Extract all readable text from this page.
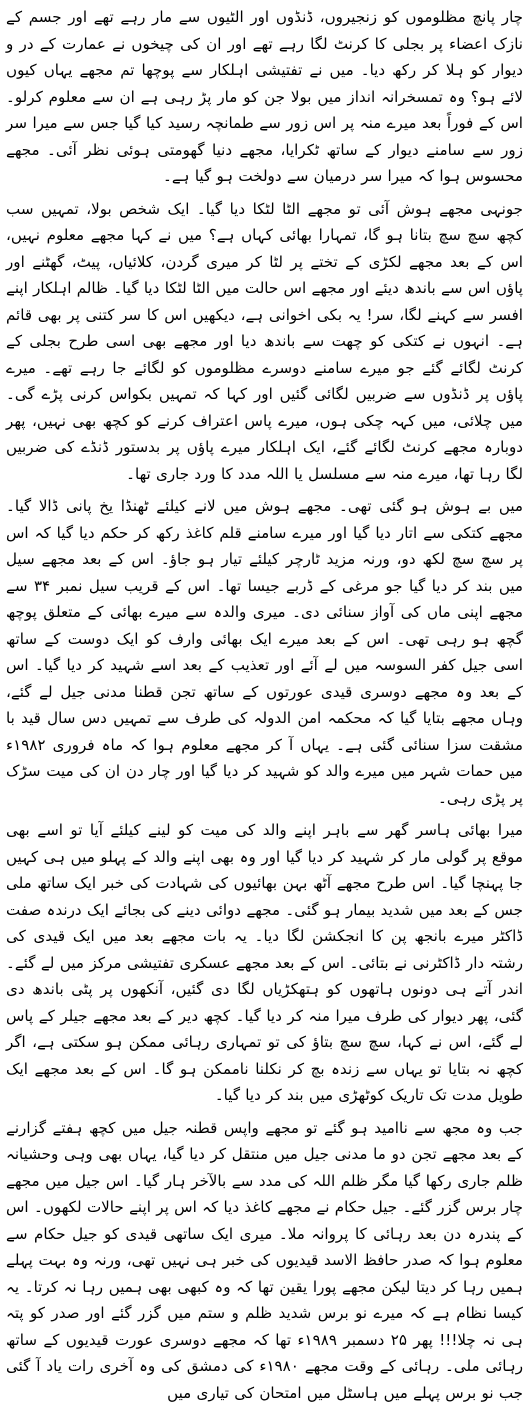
چار پانچ مظلوموں کو زنجیروں، ڈنڈوں اور الٹیوں سے مار رہے تھے اور جسم کے نازک اعضاء پر بجلی کا کرنٹ لگا رہے تھے اور ان کی چیخوں نے عمارت کے در و دیوار کو ہلا کر رکھ دیا۔ میں نے تفتیشی اہلکار سے پوچھا تم مجھے یہاں کیوں لائے ہو؟ وہ تمسخرانہ انداز میں بولا جن کو مار پڑ رہی ہے ان سے معلوم کرلو۔ اس کے فوراً بعد میرے منہ پر اس زور سے طمانچہ رسید کیا گیا جس سے میرا سر زور سے سامنے دیوار کے ساتھ ٹکرایا، مجھے دنیا گھومتی ہوئی نظر آئی۔ مجھے محسوس ہوا کہ میرا سر درمیان سے دولخت ہو گیا ہے۔

جونہی مجھے ہوش آئی تو مجھے الٹا لٹکا دیا گیا۔ ایک شخص بولا، تمہیں سب کچھ سچ سچ بتانا ہو گا، تمہارا بھائی کہاں ہے؟ میں نے کہا مجھے معلوم نہیں، اس کے بعد مجھے لکڑی کے تختے پر لٹا کر میری گردن، کلائیاں، پیٹ، گھٹنے اور پاؤں اس سے باندھ دیئے اور مجھے اس حالت میں الٹا لٹکا دیا گیا۔ ظالم اہلکار اپنے افسر سے کہنے لگا، سر! یہ بکی اخوانی ہے، دیکھیں اس کا سر کتنی پر بھی قائم ہے۔ انہوں نے کتکی کو چھت سے باندھ دیا اور مجھے بھی اسی طرح بجلی کے کرنٹ لگائے گئے جو میرے سامنے دوسرے مظلوموں کو لگائے جا رہے تھے۔ میرے پاؤں پر ڈنڈوں سے ضربیں لگائی گئیں اور کہا کہ تمہیں بکواس کرنی پڑے گی۔ میں چلائی، میں کہہ چکی ہوں، میرے پاس اعتراف کرنے کو کچھ بھی نہیں، پھر دوبارہ مجھے کرنٹ لگائے گئے، ایک اہلکار میرے پاؤں پر بدستور ڈنڈے کی ضربیں لگا رہا تھا، میرے منہ سے مسلسل یا اللہ مدد کا ورد جاری تھا۔

میں بے ہوش ہو گئی تھی۔ مجھے ہوش میں لانے کیلئے ٹھنڈا یخ پانی ڈالا گیا۔ مجھے کتکی سے اتار دیا گیا اور میرے سامنے قلم کاغذ رکھ کر حکم دیا گیا کہ اس پر سچ سچ لکھ دو، ورنہ مزید ٹارچر کیلئے تیار ہو جاؤ۔ اس کے بعد مجھے سیل میں بند کر دیا گیا جو مرغی کے ڈربے جیسا تھا۔ اس کے قریب سیل نمبر ۳۴ سے مجھے اپنی ماں کی آواز سنائی دی۔ میری والدہ سے میرے بھائی کے متعلق پوچھ گچھ ہو رہی تھی۔ اس کے بعد میرے ایک بھائی وارف کو ایک دوست کے ساتھ اسی جیل کفر السوسہ میں لے آئے اور تعذیب کے بعد اسے شہید کر دیا گیا۔ اس کے بعد وہ مجھے دوسری قیدی عورتوں کے ساتھ تجن قطنا مدنی جیل لے گئے، وہاں مجھے بتایا گیا کہ محکمہ امن الدولہ کی طرف سے تمہیں دس سال قید با مشقت سزا سنائی گئی ہے۔ یہاں آ کر مجھے معلوم ہوا کہ ماہ فروری ۱۹۸۲ء میں حمات شہر میں میرے والد کو شہید کر دیا گیا اور چار دن ان کی میت سڑک پر پڑی رہی۔

میرا بھائی ہاسر گھر سے باہر اپنے والد کی میت کو لینے کیلئے آیا تو اسے بھی موقع پر گولی مار کر شہید کر دیا گیا اور وہ بھی اپنے والد کے پہلو میں ہی کہیں جا پہنچا گیا۔ اس طرح مجھے آٹھ بہن بھائیوں کی شہادت کی خبر ایک ساتھ ملی جس کے بعد میں شدید بیمار ہو گئی۔ مجھے دوائی دینے کی بجائے ایک درندہ صفت ڈاکٹر میرے بانجھ پن کا انجکشن لگا دیا۔ یہ بات مجھے بعد میں ایک قیدی کی رشتہ دار ڈاکٹرنی نے بتائی۔ اس کے بعد مجھے عسکری تفتیشی مرکز میں لے گئے۔ اندر آتے ہی دونوں ہاتھوں کو ہتھکڑیاں لگا دی گئیں، آنکھوں پر پٹی باندھ دی گئی، پھر دیوار کی طرف میرا منہ کر دیا گیا۔ کچھ دیر کے بعد مجھے جیلر کے پاس لے گئے، اس نے کہا، سچ سچ بتاؤ کی تو تمہاری رہائی ممکن ہو سکتی ہے، اگر کچھ نہ بتایا تو یہاں سے زندہ بچ کر نکلنا ناممکن ہو گا۔ اس کے بعد مجھے ایک طویل مدت تک تاریک کوٹھڑی میں بند کر دیا گیا۔

جب وہ مجھ سے ناامید ہو گئے تو مجھے واپس قطنہ جیل میں کچھ ہفتے گزارنے کے بعد مجھے تجن دو ما مدنی جیل میں منتقل کر دیا گیا، یہاں بھی وہی وحشیانہ ظلم جاری رکھا گیا مگر ظلم اللہ کی مدد سے بالآخر ہار گیا۔ اس جیل میں مجھے چار برس گزر گئے۔ جیل حکام نے مجھے کاغذ دیا کہ اس پر اپنے حالات لکھوں۔ اس کے پندرہ دن بعد رہائی کا پروانہ ملا۔ میری ایک ساتھی قیدی کو جیل حکام سے معلوم ہوا کہ صدر حافظ الاسد قیدیوں کی خبر ہی نہیں تھی، ورنہ وہ بہت پہلے ہمیں رہا کر دیتا لیکن مجھے پورا یقین تھا کہ وہ کبھی بھی ہمیں رہا نہ کرتا۔ یہ کیسا نظام ہے کہ میرے نو برس شدید ظلم و ستم میں گزر گئے اور صدر کو پتہ ہی نہ چلا!!! پھر ۲۵ دسمبر ۱۹۸۹ء تھا کہ مجھے دوسری عورت قیدیوں کے ساتھ رہائی ملی۔ رہائی کے وقت مجھے ۱۹۸۰ء کی دمشق کی وہ آخری رات یاد آ گئی جب نو برس پہلے میں ہاسٹل میں امتحان کی تیاری میں
